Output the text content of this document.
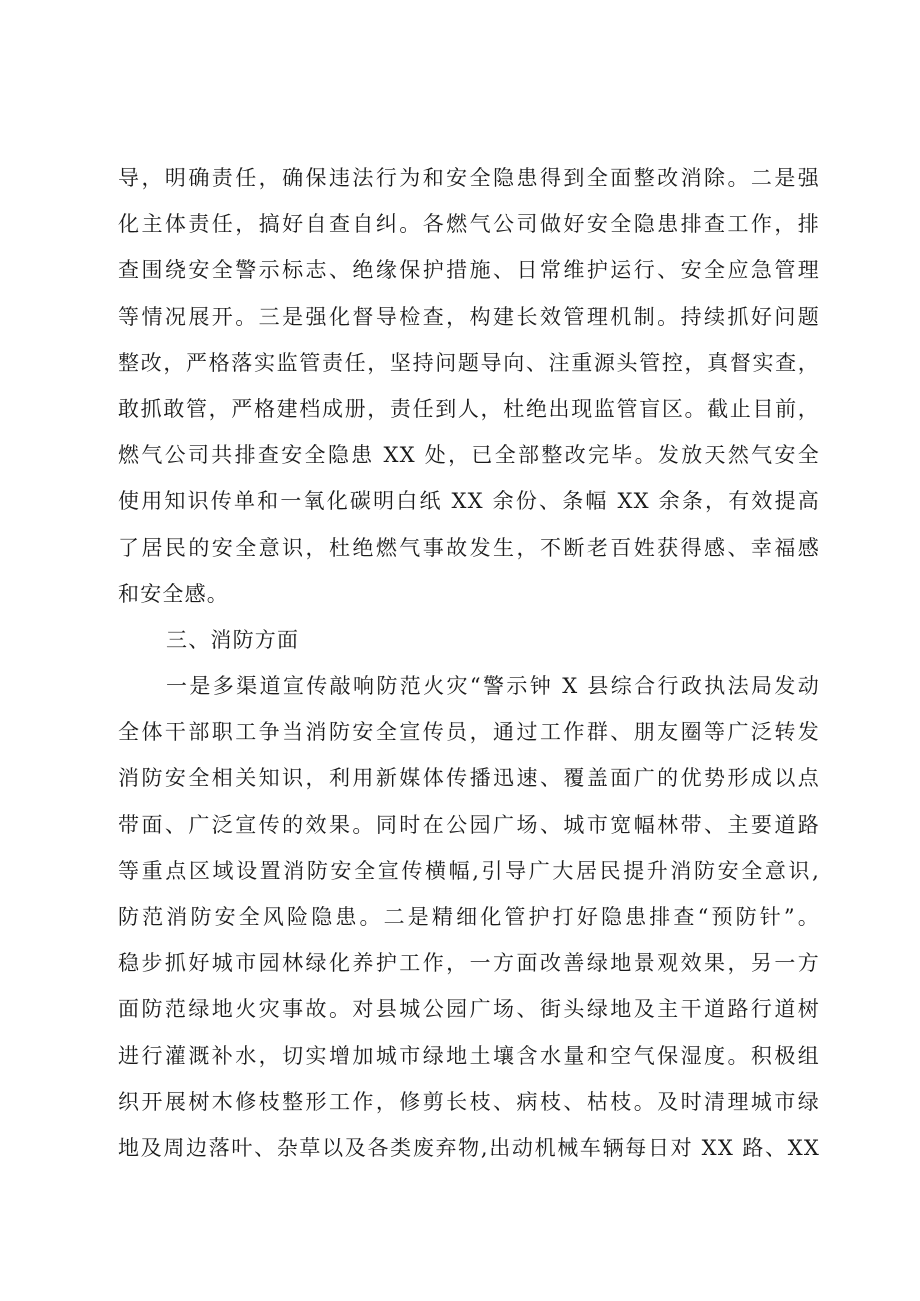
导，明确责任，确保违法行为和安全隐患得到全面整改消除。二是强
化主体责任，搞好自查自纠。各燃气公司做好安全隐患排查工作，排
查围绕安全警示标志、绝缘保护措施、日常维护运行、安全应急管理
等情况展开。三是强化督导检查，构建长效管理机制。持续抓好问题
整改，严格落实监管责任，坚持问题导向、注重源头管控，真督实查，
敢抓敢管，严格建档成册，责任到人，杜绝出现监管盲区。截止目前，
燃气公司共排查安全隐患 XX 处，已全部整改完毕。发放天然气安全
使用知识传单和一氧化碳明白纸 XX 余份、条幅 XX 余条，有效提高
了居民的安全意识，杜绝燃气事故发生，不断老百姓获得感、幸福感
和安全感。
三、消防方面
一是多渠道宣传敲响防范火灾“警示钟 X 县综合行政执法局发动
全体干部职工争当消防安全宣传员，通过工作群、朋友圈等广泛转发
消防安全相关知识，利用新媒体传播迅速、覆盖面广的优势形成以点
带面、广泛宣传的效果。同时在公园广场、城市宽幅林带、主要道路
等重点区域设置消防安全宣传横幅,引导广大居民提升消防安全意识,
防范消防安全风险隐患。二是精细化管护打好隐患排查“预防针”。
稳步抓好城市园林绿化养护工作，一方面改善绿地景观效果，另一方
面防范绿地火灾事故。对县城公园广场、街头绿地及主干道路行道树
进行灌溉补水，切实增加城市绿地土壤含水量和空气保湿度。积极组
织开展树木修枝整形工作，修剪长枝、病枝、枯枝。及时清理城市绿
地及周边落叶、杂草以及各类废弃物,出动机械车辆每日对 XX 路、XX
